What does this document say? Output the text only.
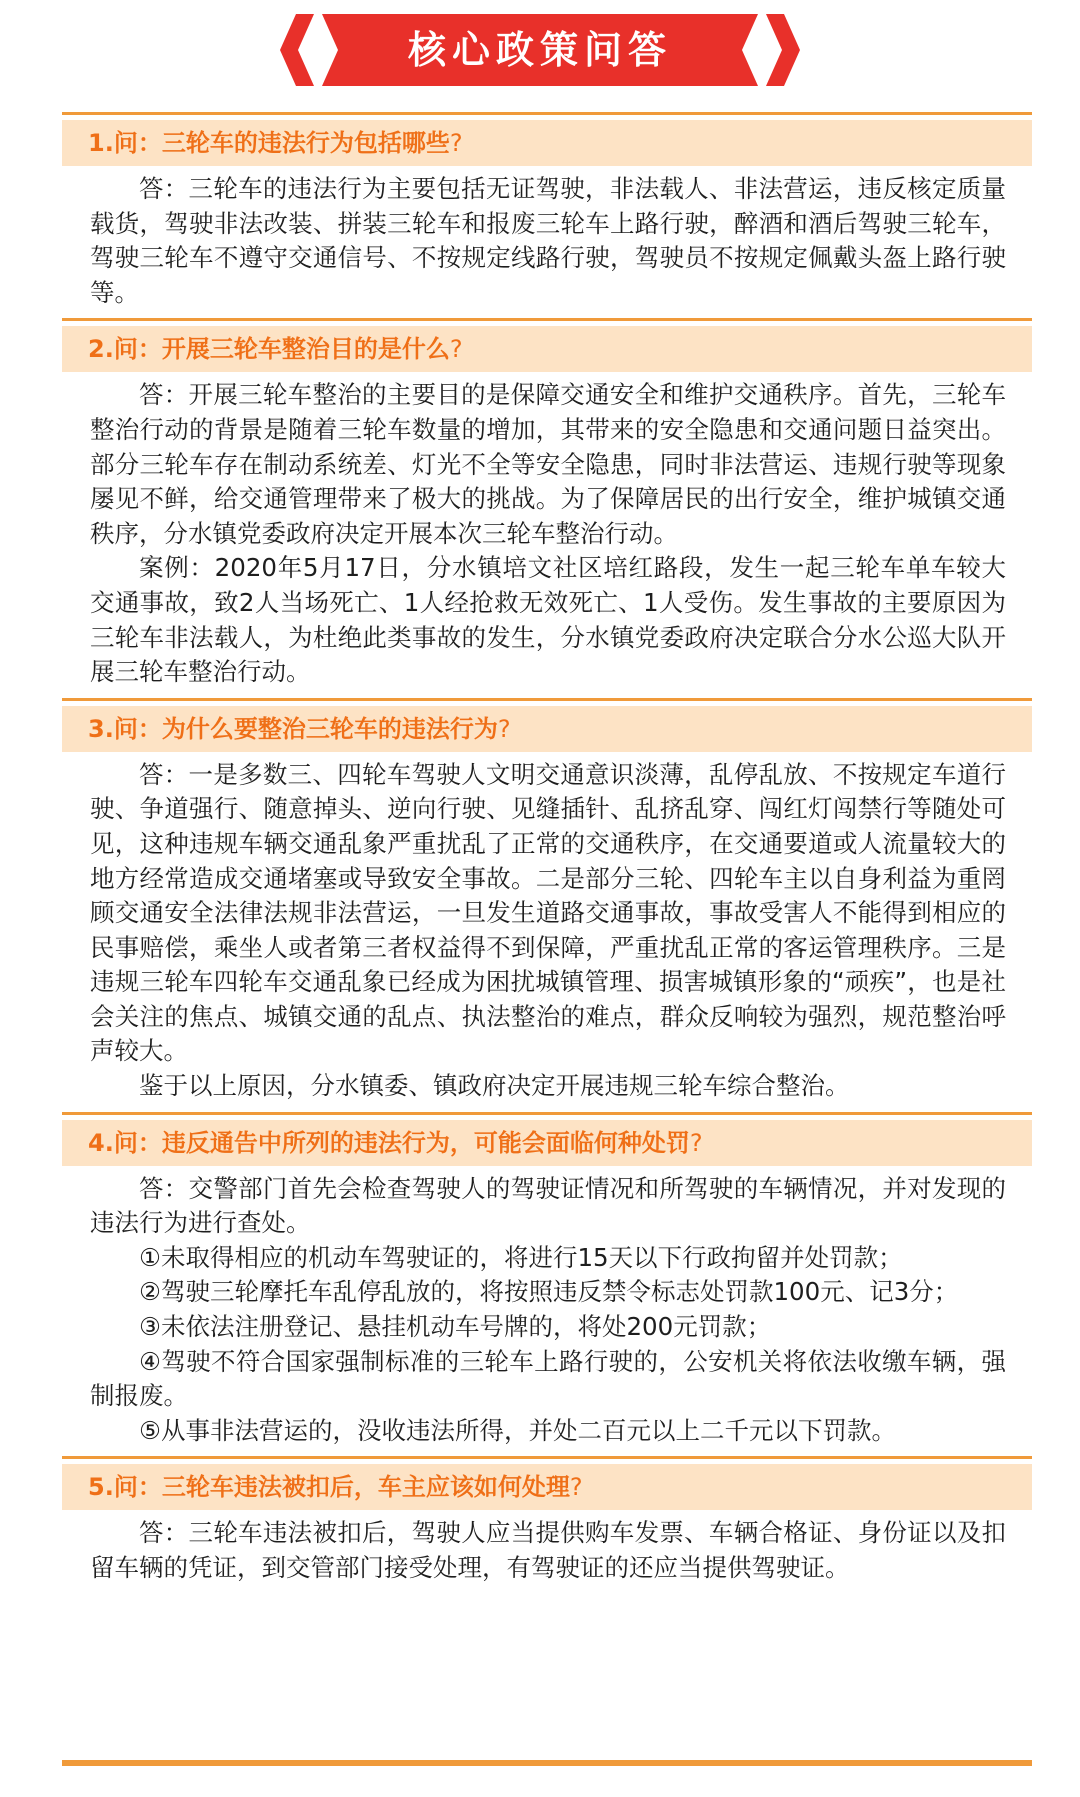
核心政策问答
1.问：三轮车的违法行为包括哪些?

答：三轮车的违法行为主要包括无证驾驶，非法载人、非法营运，违反核定质量载货，驾驶非法改装、拼装三轮车和报废三轮车上路行驶，醉酒和酒后驾驶三轮车，驾驶三轮车不遵守交通信号、不按规定线路行驶，驾驶员不按规定佩戴头盔上路行驶等。

2.问：开展三轮车整治目的是什么?

答：开展三轮车整治的主要目的是保障交通安全和维护交通秩序。首先，三轮车整治行动的背景是随着三轮车数量的增加，其带来的安全隐患和交通问题日益突出。部分三轮车存在制动系统差、灯光不全等安全隐患，同时非法营运、违规行驶等现象屡见不鲜，给交通管理带来了极大的挑战。为了保障居民的出行安全，维护城镇交通秩序，分水镇党委政府决定开展本次三轮车整治行动。

案例：2020年5月17日，分水镇培文社区培红路段，发生一起三轮车单车较大交通事故，致2人当场死亡、1人经抢救无效死亡、1人受伤。发生事故的主要原因为三轮车非法载人，为杜绝此类事故的发生，分水镇党委政府决定联合分水公巡大队开展三轮车整治行动。

3.问：为什么要整治三轮车的违法行为?

答：一是多数三、四轮车驾驶人文明交通意识淡薄，乱停乱放、不按规定车道行驶、争道强行、随意掉头、逆向行驶、见缝插针、乱挤乱穿、闯红灯闯禁行等随处可见，这种违规车辆交通乱象严重扰乱了正常的交通秩序，在交通要道或人流量较大的地方经常造成交通堵塞或导致安全事故。二是部分三轮、四轮车主以自身利益为重罔顾交通安全法律法规非法营运，一旦发生道路交通事故，事故受害人不能得到相应的民事赔偿，乘坐人或者第三者权益得不到保障，严重扰乱正常的客运管理秩序。三是违规三轮车四轮车交通乱象已经成为困扰城镇管理、损害城镇形象的“顽疾”，也是社会关注的焦点、城镇交通的乱点、执法整治的难点，群众反响较为强烈，规范整治呼声较大。

鉴于以上原因，分水镇委、镇政府决定开展违规三轮车综合整治。

4.问：违反通告中所列的违法行为，可能会面临何种处罚?

答：交警部门首先会检查驾驶人的驾驶证情况和所驾驶的车辆情况，并对发现的违法行为进行查处。

①未取得相应的机动车驾驶证的，将进行15天以下行政拘留并处罚款；

②驾驶三轮摩托车乱停乱放的，将按照违反禁令标志处罚款100元、记3分；

③未依法注册登记、悬挂机动车号牌的，将处200元罚款；

④驾驶不符合国家强制标准的三轮车上路行驶的，公安机关将依法收缴车辆，强制报废。

⑤从事非法营运的，没收违法所得，并处二百元以上二千元以下罚款。

5.问：三轮车违法被扣后，车主应该如何处理?

答：三轮车违法被扣后，驾驶人应当提供购车发票、车辆合格证、身份证以及扣留车辆的凭证，到交管部门接受处理，有驾驶证的还应当提供驾驶证。
